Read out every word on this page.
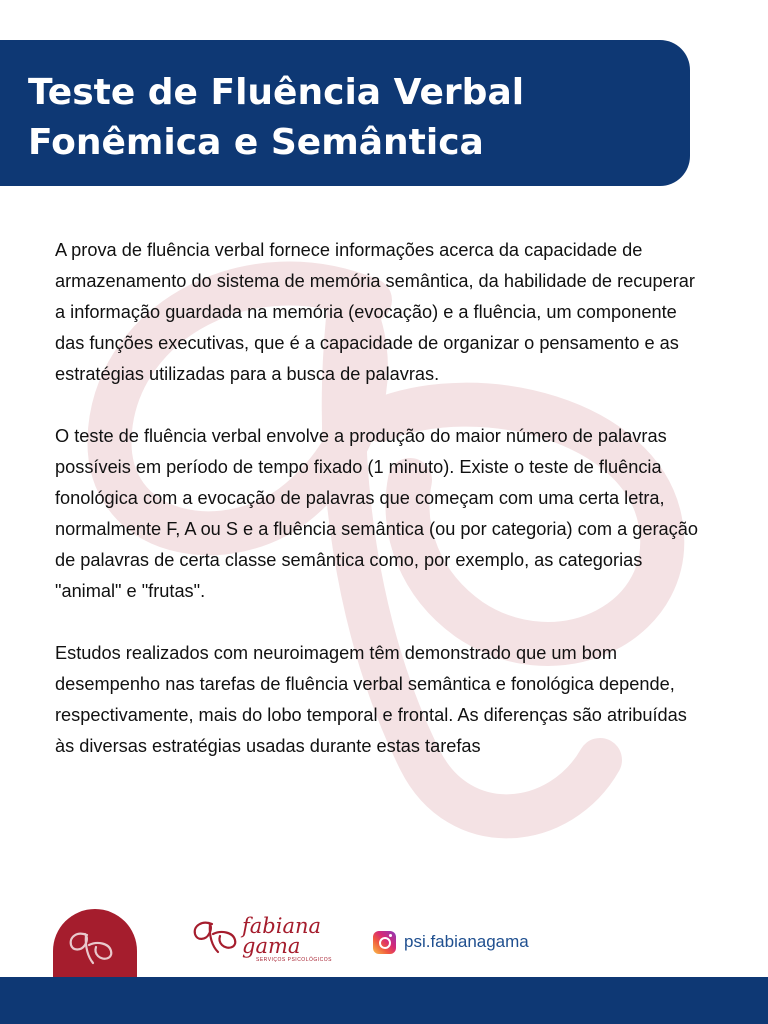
Teste de Fluência Verbal
Fonêmica e Semântica

A prova de fluência verbal fornece informações acerca da capacidade de armazenamento do sistema de memória semântica, da habilidade de recuperar a informação guardada na memória (evocação) e a fluência, um componente das funções executivas, que é a capacidade de organizar o pensamento e as estratégias utilizadas para a busca de palavras.

O teste de fluência verbal envolve a produção do maior número de palavras possíveis em período de tempo fixado (1 minuto). Existe o teste de fluência fonológica com a evocação de palavras que começam com uma certa letra, normalmente F, A ou S e a fluência semântica (ou por categoria) com a geração de palavras de certa classe semântica como, por exemplo, as categorias "animal" e "frutas".

Estudos realizados com neuroimagem têm demonstrado que um bom desempenho nas tarefas de fluência verbal semântica e fonológica depende, respectivamente, mais do lobo temporal e frontal. As diferenças são atribuídas às diversas estratégias usadas durante estas tarefas

fabiana
gama
SERVIÇOS PSICOLÓGICOS
psi.fabianagama
